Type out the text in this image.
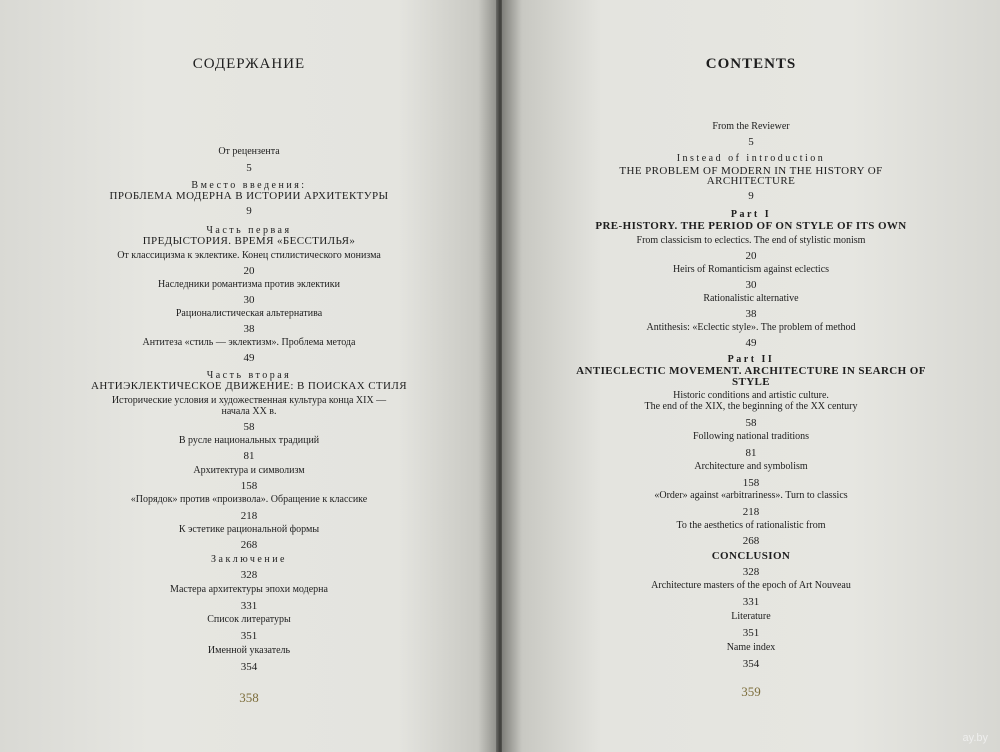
СОДЕРЖАНИЕ
От рецензента
5
Вместо введения:
ПРОБЛЕМА МОДЕРНА В ИСТОРИИ АРХИТЕКТУРЫ
9
Часть первая
ПРЕДЫСТОРИЯ. ВРЕМЯ «БЕССТИЛЬЯ»
От классицизма к эклектике. Конец стилистического монизма
20
Наследники романтизма против эклектики
30
Рационалистическая альтернатива
38
Антитеза «стиль — эклектизм». Проблема метода
49
Часть вторая
АНТИЭКЛЕКТИЧЕСКОЕ ДВИЖЕНИЕ: В ПОИСКАХ СТИЛЯ
Исторические условия и художественная культура конца XIX —
начала XX в.
58
В русле национальных традиций
81
Архитектура и символизм
158
«Порядок» против «произвола». Обращение к классике
218
К эстетике рациональной формы
268
Заключение
328
Мастера архитектуры эпохи модерна
331
Список литературы
351
Именной указатель
354
358
CONTENTS
From the Reviewer
5
Instead of introduction
THE PROBLEM OF MODERN IN THE HISTORY OF
ARCHITECTURE
9
Part I
PRE-HISTORY. THE PERIOD OF ON STYLE OF ITS OWN
From classicism to eclectics. The end of stylistic monism
20
Heirs of Romanticism against eclectics
30
Rationalistic alternative
38
Antithesis: «Eclectic style». The problem of method
49
Part II
ANTIECLECTIC MOVEMENT. ARCHITECTURE IN SEARCH OF
STYLE
Historic conditions and artistic culture.
The end of the XIX, the beginning of the XX century
58
Following national traditions
81
Architecture and symbolism
158
«Order» against «arbitrariness». Turn to classics
218
To the aesthetics of rationalistic from
268
CONCLUSION
328
Architecture masters of the epoch of Art Nouveau
331
Literature
351
Name index
354
359
ay.by
